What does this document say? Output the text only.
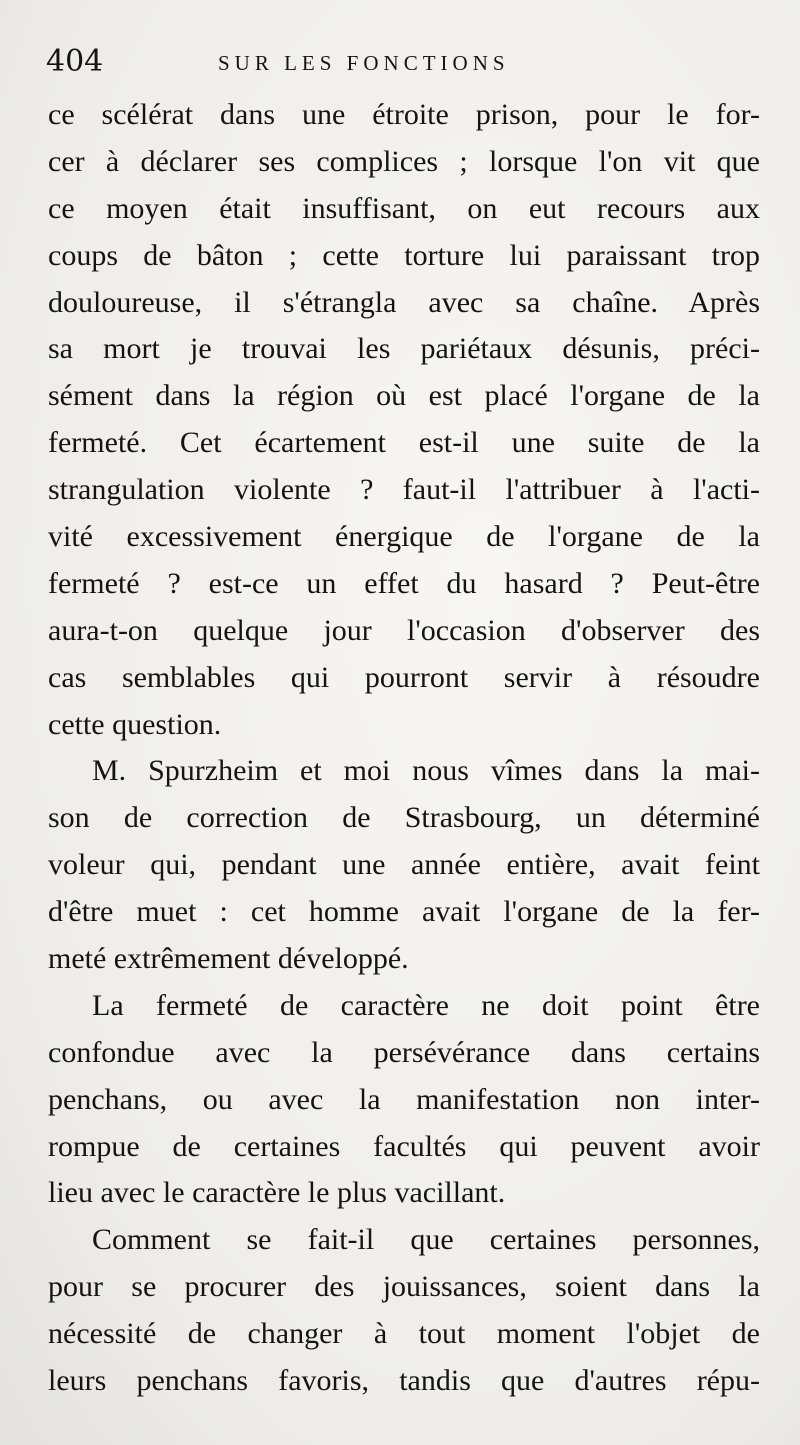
404	SUR LES FONCTIONS
ce scélérat dans une étroite prison, pour le for-
cer à déclarer ses complices ; lorsque l'on vit que
ce moyen était insuffisant, on eut recours aux
coups de bâton ; cette torture lui paraissant trop
douloureuse, il s'étrangla avec sa chaîne. Après
sa mort je trouvai les pariétaux désunis, préci-
sément dans la région où est placé l'organe de la
fermeté. Cet écartement est-il une suite de la
strangulation violente ? faut-il l'attribuer à l'acti-
vité excessivement énergique de l'organe de la
fermeté ? est-ce un effet du hasard ? Peut-être
aura-t-on quelque jour l'occasion d'observer des
cas semblables qui pourront servir à résoudre
cette question.
M. Spurzheim et moi nous vîmes dans la mai-
son de correction de Strasbourg, un déterminé
voleur qui, pendant une année entière, avait feint
d'être muet : cet homme avait l'organe de la fer-
meté extrêmement développé.
La fermeté de caractère ne doit point être
confondue avec la persévérance dans certains
penchans, ou avec la manifestation non inter-
rompue de certaines facultés qui peuvent avoir
lieu avec le caractère le plus vacillant.
Comment se fait-il que certaines personnes,
pour se procurer des jouissances, soient dans la
nécessité de changer à tout moment l'objet de
leurs penchans favoris, tandis que d'autres répu-
